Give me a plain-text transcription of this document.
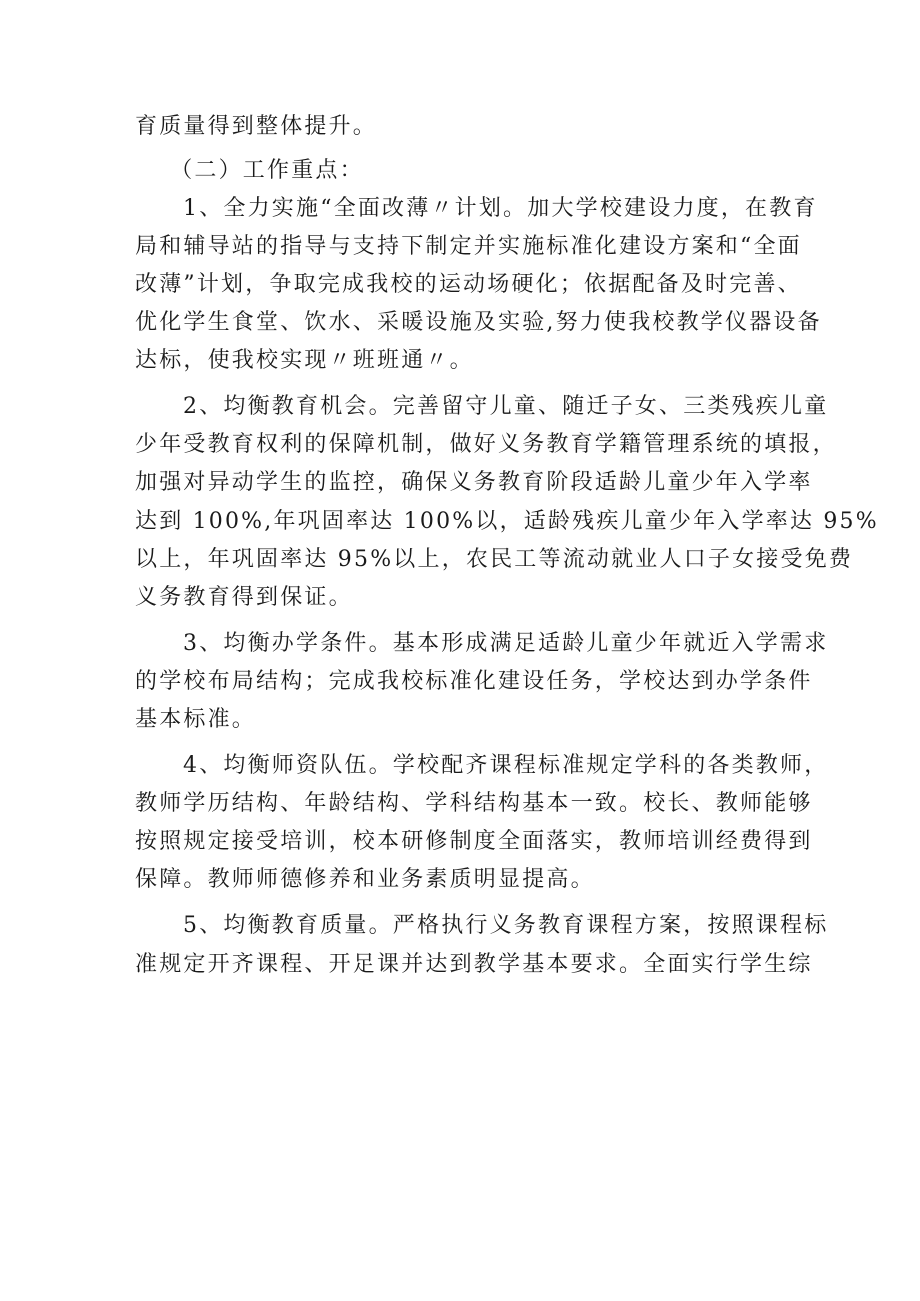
育质量得到整体提升。

（二）工作重点：

1、全力实施“全面改薄〃计划。加大学校建设力度，在教育
局和辅导站的指导与支持下制定并实施标准化建设方案和“全面
改薄”计划，争取完成我校的运动场硬化；依据配备及时完善、
优化学生食堂、饮水、采暖设施及实验,努力使我校教学仪器设备
达标，使我校实现〃班班通〃。
2、均衡教育机会。完善留守儿童、随迁子女、三类残疾儿童
少年受教育权利的保障机制，做好义务教育学籍管理系统的填报，
加强对异动学生的监控，确保义务教育阶段适龄儿童少年入学率
达到 100%,年巩固率达 100%以，适龄残疾儿童少年入学率达 95%
以上，年巩固率达 95%以上，农民工等流动就业人口子女接受免费
义务教育得到保证。
3、均衡办学条件。基本形成满足适龄儿童少年就近入学需求
的学校布局结构；完成我校标准化建设任务，学校达到办学条件
基本标准。
4、均衡师资队伍。学校配齐课程标准规定学科的各类教师，
教师学历结构、年龄结构、学科结构基本一致。校长、教师能够
按照规定接受培训，校本研修制度全面落实，教师培训经费得到
保障。教师师德修养和业务素质明显提高。
5、均衡教育质量。严格执行义务教育课程方案，按照课程标
准规定开齐课程、开足课并达到教学基本要求。全面实行学生综
